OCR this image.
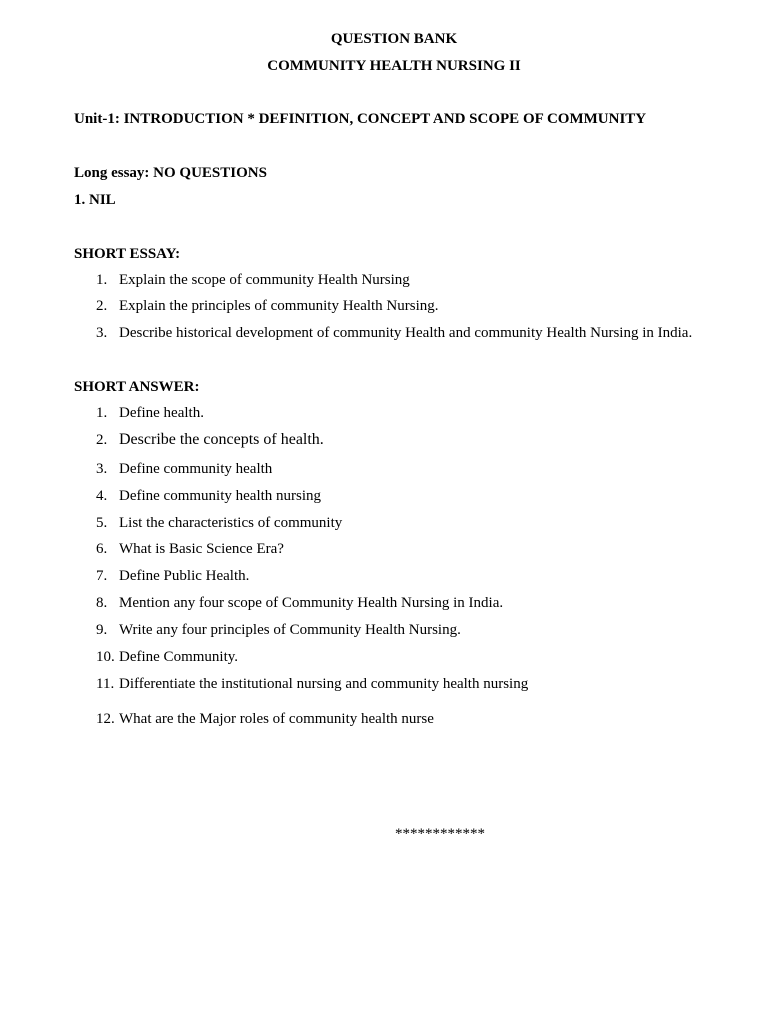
QUESTION BANK
COMMUNITY HEALTH NURSING II
Unit-1: INTRODUCTION * DEFINITION, CONCEPT AND SCOPE OF COMMUNITY
Long essay: NO QUESTIONS
1. NIL
SHORT ESSAY:
1. Explain the scope of community Health Nursing
2. Explain the principles of community Health Nursing.
3. Describe historical development of community Health and community Health Nursing in India.
SHORT ANSWER:
1. Define health.
2. Describe the concepts of health.
3. Define community health
4. Define community health nursing
5. List the characteristics of community
6. What is Basic Science Era?
7. Define Public Health.
8. Mention any four scope of Community Health Nursing in India.
9. Write any four principles of Community Health Nursing.
10. Define Community.
11. Differentiate the institutional nursing and community health nursing
12. What are the Major roles of community health nurse
************
